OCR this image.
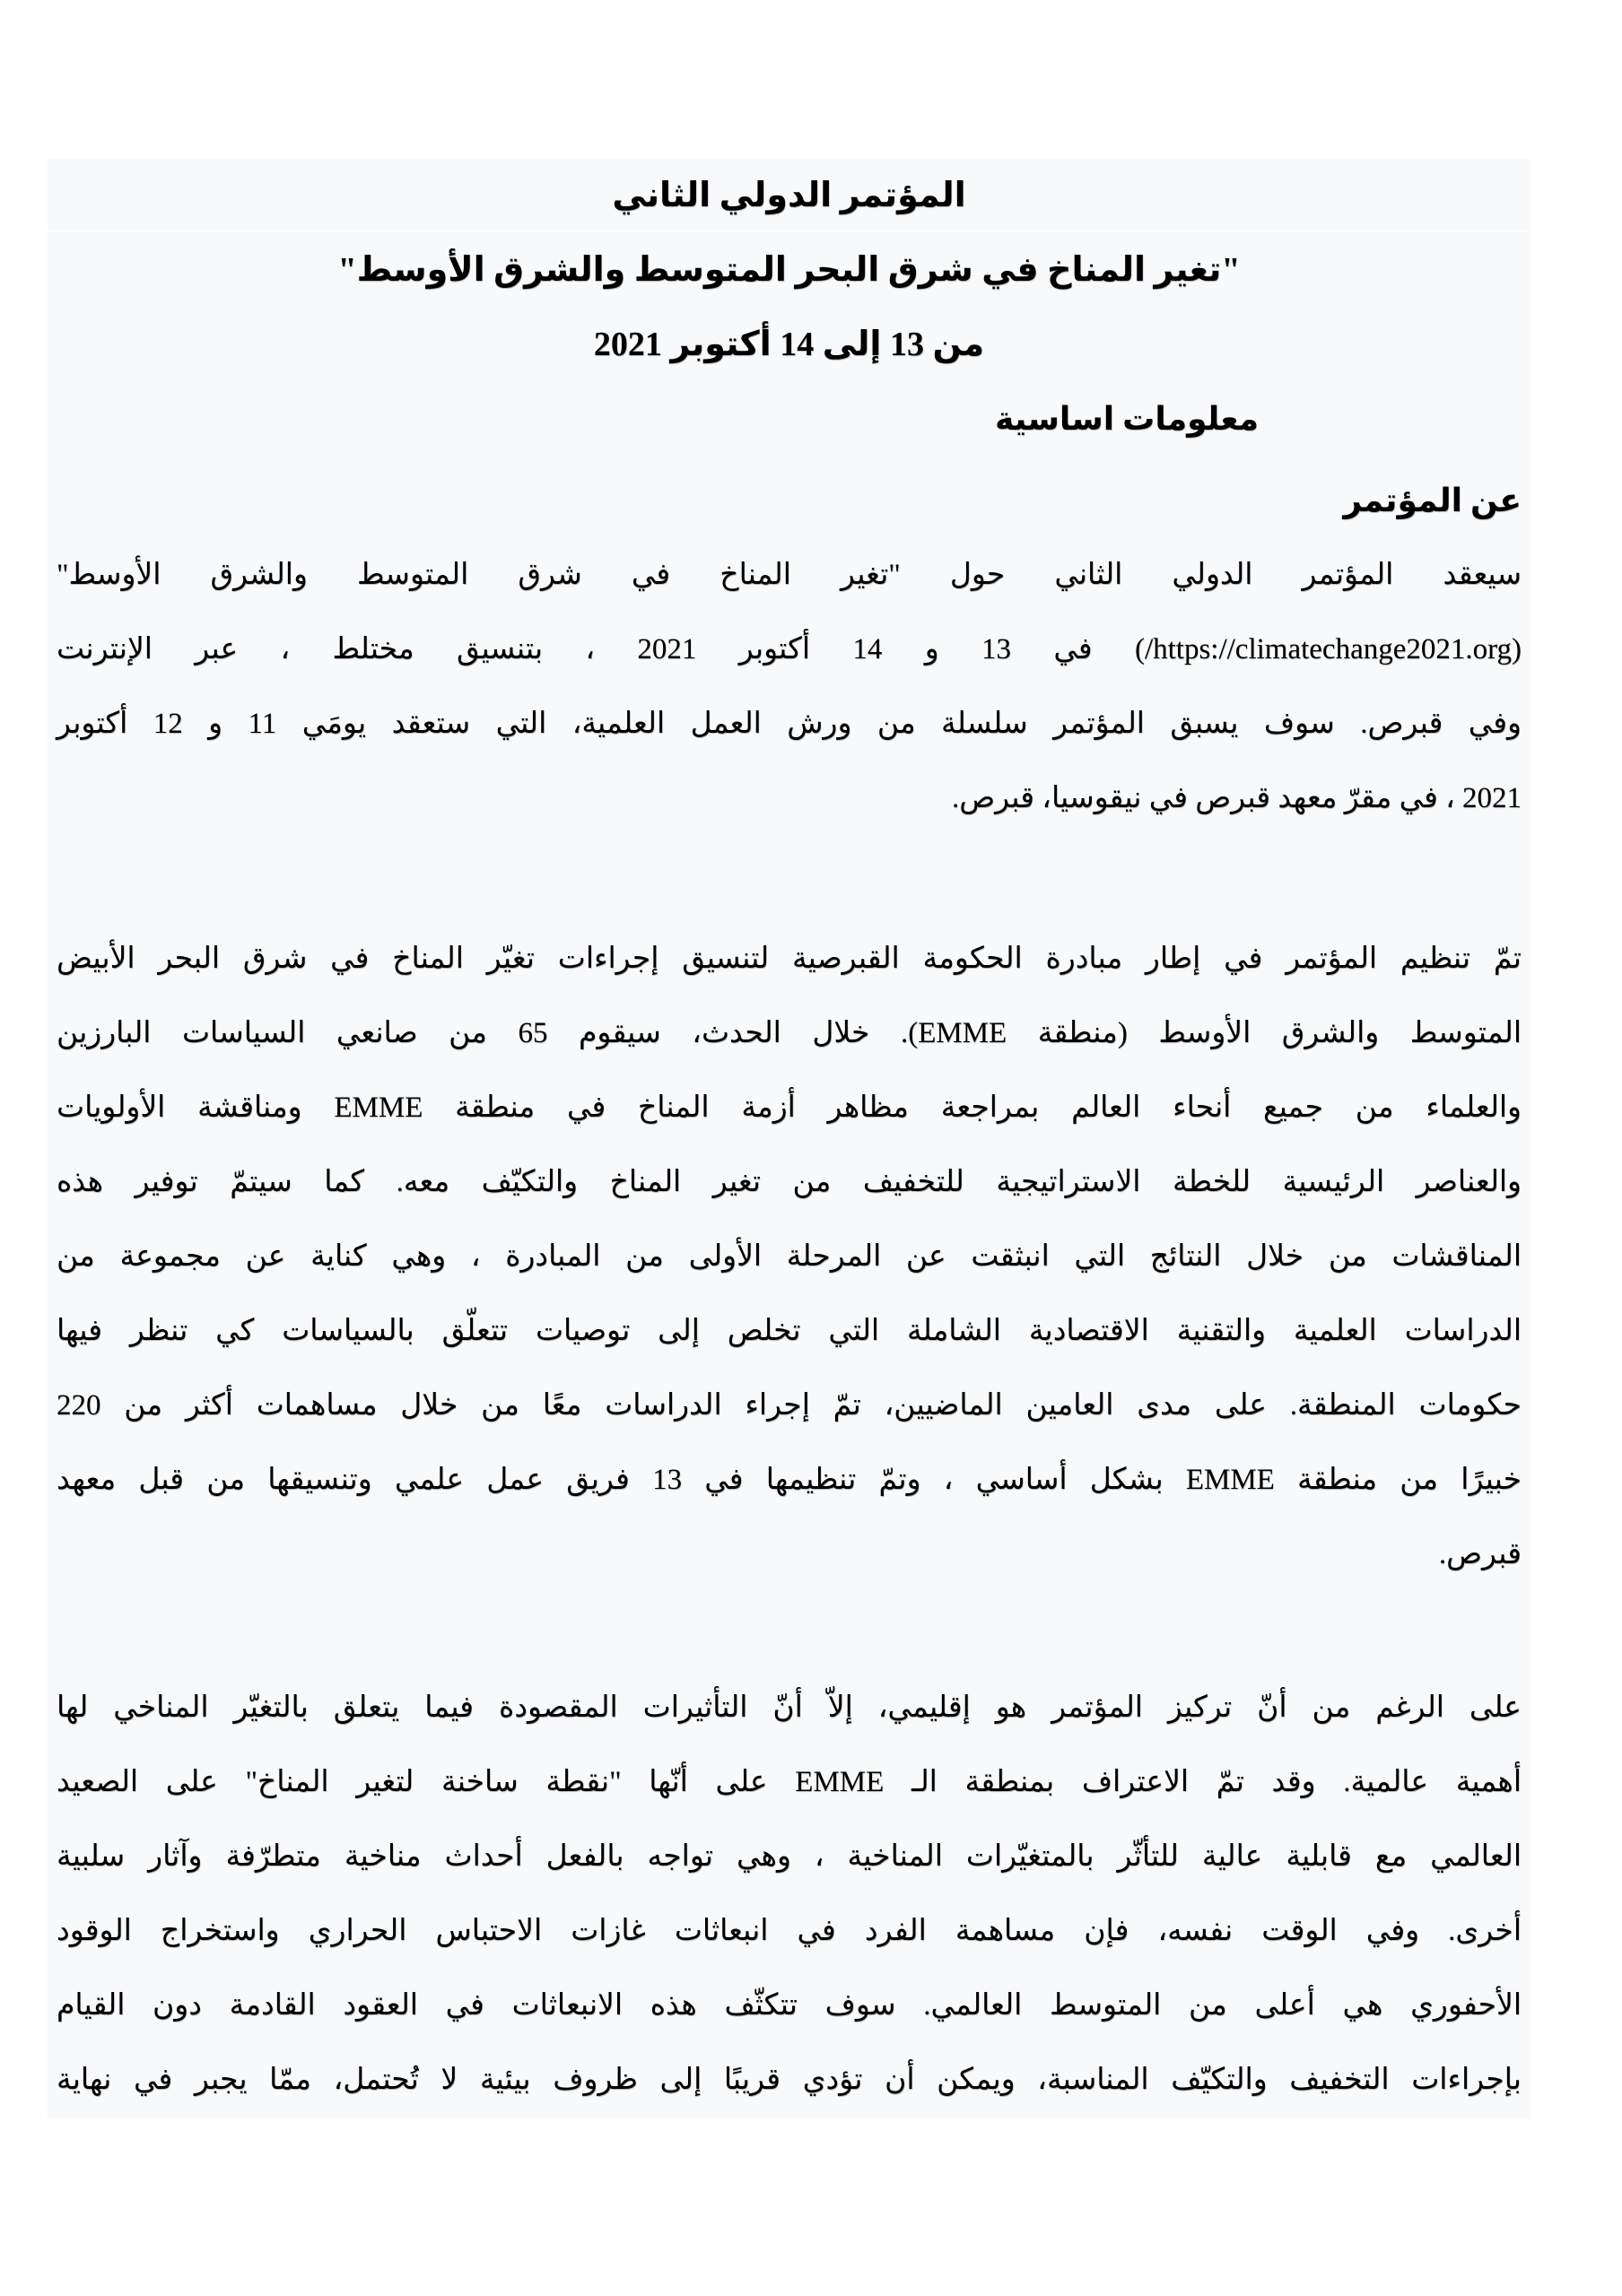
المؤتمر الدولي الثاني
"تغير المناخ في شرق البحر المتوسط والشرق الأوسط"
من 13 إلى 14 أكتوبر 2021
معلومات اساسية
عن المؤتمر
سيعقد المؤتمر الدولي الثاني حول "تغير المناخ في شرق المتوسط والشرق الأوسط"
(https://climatechange2021.org/) في 13 و 14 أكتوبر 2021 ، بتنسيق مختلط ، عبر الإنترنت
وفي قبرص. سوف يسبق المؤتمر سلسلة من ورش العمل العلمية، التي ستعقد يومَي 11 و 12 أكتوبر
2021 ، في مقرّ معهد قبرص في نيقوسيا، قبرص.
تمّ تنظيم المؤتمر في إطار مبادرة الحكومة القبرصية لتنسيق إجراءات تغيّر المناخ في شرق البحر الأبيض
المتوسط والشرق الأوسط (منطقة EMME). خلال الحدث، سيقوم 65 من صانعي السياسات البارزين
والعلماء من جميع أنحاء العالم بمراجعة مظاهر أزمة المناخ في منطقة EMME ومناقشة الأولويات
والعناصر الرئيسية للخطة الاستراتيجية للتخفيف من تغير المناخ والتكيّف معه. كما سيتمّ توفير هذه
المناقشات من خلال النتائج التي انبثقت عن المرحلة الأولى من المبادرة ، وهي كناية عن مجموعة من
الدراسات العلمية والتقنية الاقتصادية الشاملة التي تخلص إلى توصيات تتعلّق بالسياسات كي تنظر فيها
حكومات المنطقة. على مدى العامين الماضيين، تمّ إجراء الدراسات معًا من خلال مساهمات أكثر من 220
خبيرًا من منطقة EMME بشكل أساسي ، وتمّ تنظيمها في 13 فريق عمل علمي وتنسيقها من قبل معهد
قبرص.
على الرغم من أنّ تركيز المؤتمر هو إقليمي، إلاّ أنّ التأثيرات المقصودة فيما يتعلق بالتغيّر المناخي لها
أهمية عالمية. وقد تمّ الاعتراف بمنطقة الـ EMME على أنّها "نقطة ساخنة لتغير المناخ" على الصعيد
العالمي مع قابلية عالية للتأثّر بالمتغيّرات المناخية ، وهي تواجه بالفعل أحداث مناخية متطرّفة وآثار سلبية
أخرى. وفي الوقت نفسه، فإن مساهمة الفرد في انبعاثات غازات الاحتباس الحراري واستخراج الوقود
الأحفوري هي أعلى من المتوسط العالمي. سوف تتكثّف هذه الانبعاثات في العقود القادمة دون القيام
بإجراءات التخفيف والتكيّف المناسبة، ويمكن أن تؤدي قريبًا إلى ظروف بيئية لا تُحتمل، ممّا يجبر في نهاية
